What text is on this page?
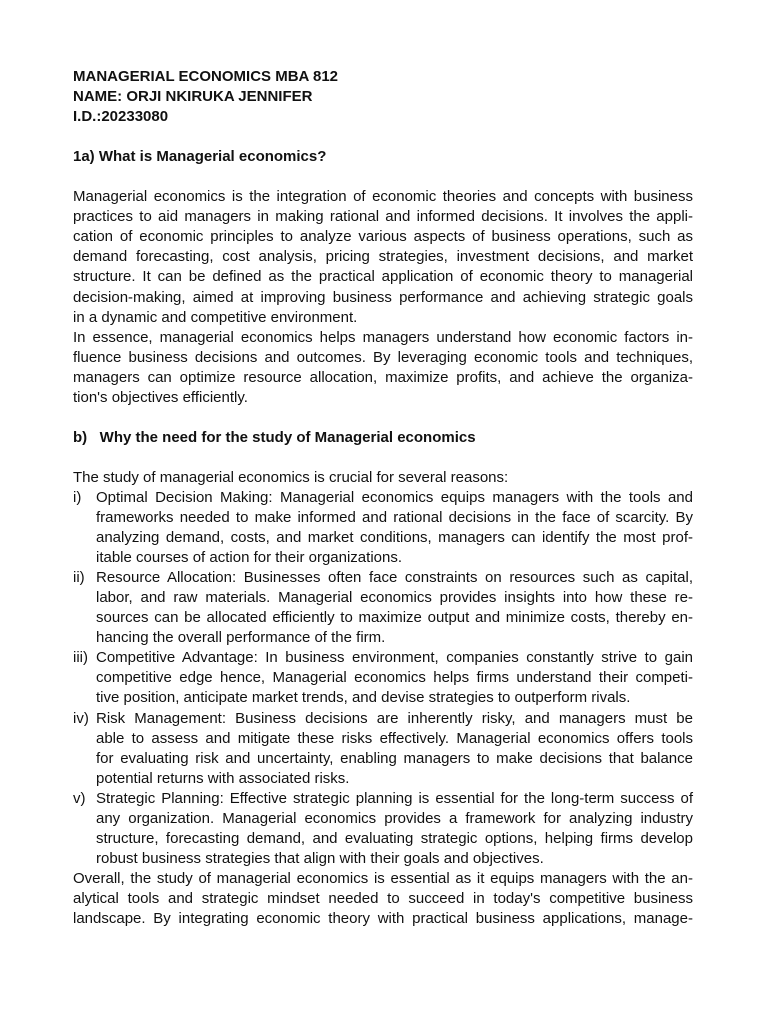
MANAGERIAL ECONOMICS MBA 812
NAME: ORJI NKIRUKA JENNIFER
I.D.:20233080
1a) What is Managerial economics?
Managerial economics is the integration of economic theories and concepts with business
practices to aid managers in making rational and informed decisions. It involves the appli-
cation of economic principles to analyze various aspects of business operations, such as
demand forecasting, cost analysis, pricing strategies, investment decisions, and market
structure. It can be defined as the practical application of economic theory to managerial
decision-making, aimed at improving business performance and achieving strategic goals
in a dynamic and competitive environment.
In essence, managerial economics helps managers understand how economic factors in-
fluence business decisions and outcomes. By leveraging economic tools and techniques,
managers can optimize resource allocation, maximize profits, and achieve the organiza-
tion's objectives efficiently.
b)   Why the need for the study of Managerial economics
The study of managerial economics is crucial for several reasons:
i) Optimal Decision Making: Managerial economics equips managers with the tools and
frameworks needed to make informed and rational decisions in the face of scarcity. By
analyzing demand, costs, and market conditions, managers can identify the most prof-
itable courses of action for their organizations.
ii) Resource Allocation: Businesses often face constraints on resources such as capital,
labor, and raw materials. Managerial economics provides insights into how these re-
sources can be allocated efficiently to maximize output and minimize costs, thereby en-
hancing the overall performance of the firm.
iii) Competitive Advantage: In business environment, companies constantly strive to gain
competitive edge hence, Managerial economics helps firms understand their competi-
tive position, anticipate market trends, and devise strategies to outperform rivals.
iv) Risk Management: Business decisions are inherently risky, and managers must be
able to assess and mitigate these risks effectively. Managerial economics offers tools
for evaluating risk and uncertainty, enabling managers to make decisions that balance
potential returns with associated risks.
v) Strategic Planning: Effective strategic planning is essential for the long-term success of
any organization. Managerial economics provides a framework for analyzing industry
structure, forecasting demand, and evaluating strategic options, helping firms develop
robust business strategies that align with their goals and objectives.
Overall, the study of managerial economics is essential as it equips managers with the an-
alytical tools and strategic mindset needed to succeed in today's competitive business
landscape. By integrating economic theory with practical business applications, manage-
